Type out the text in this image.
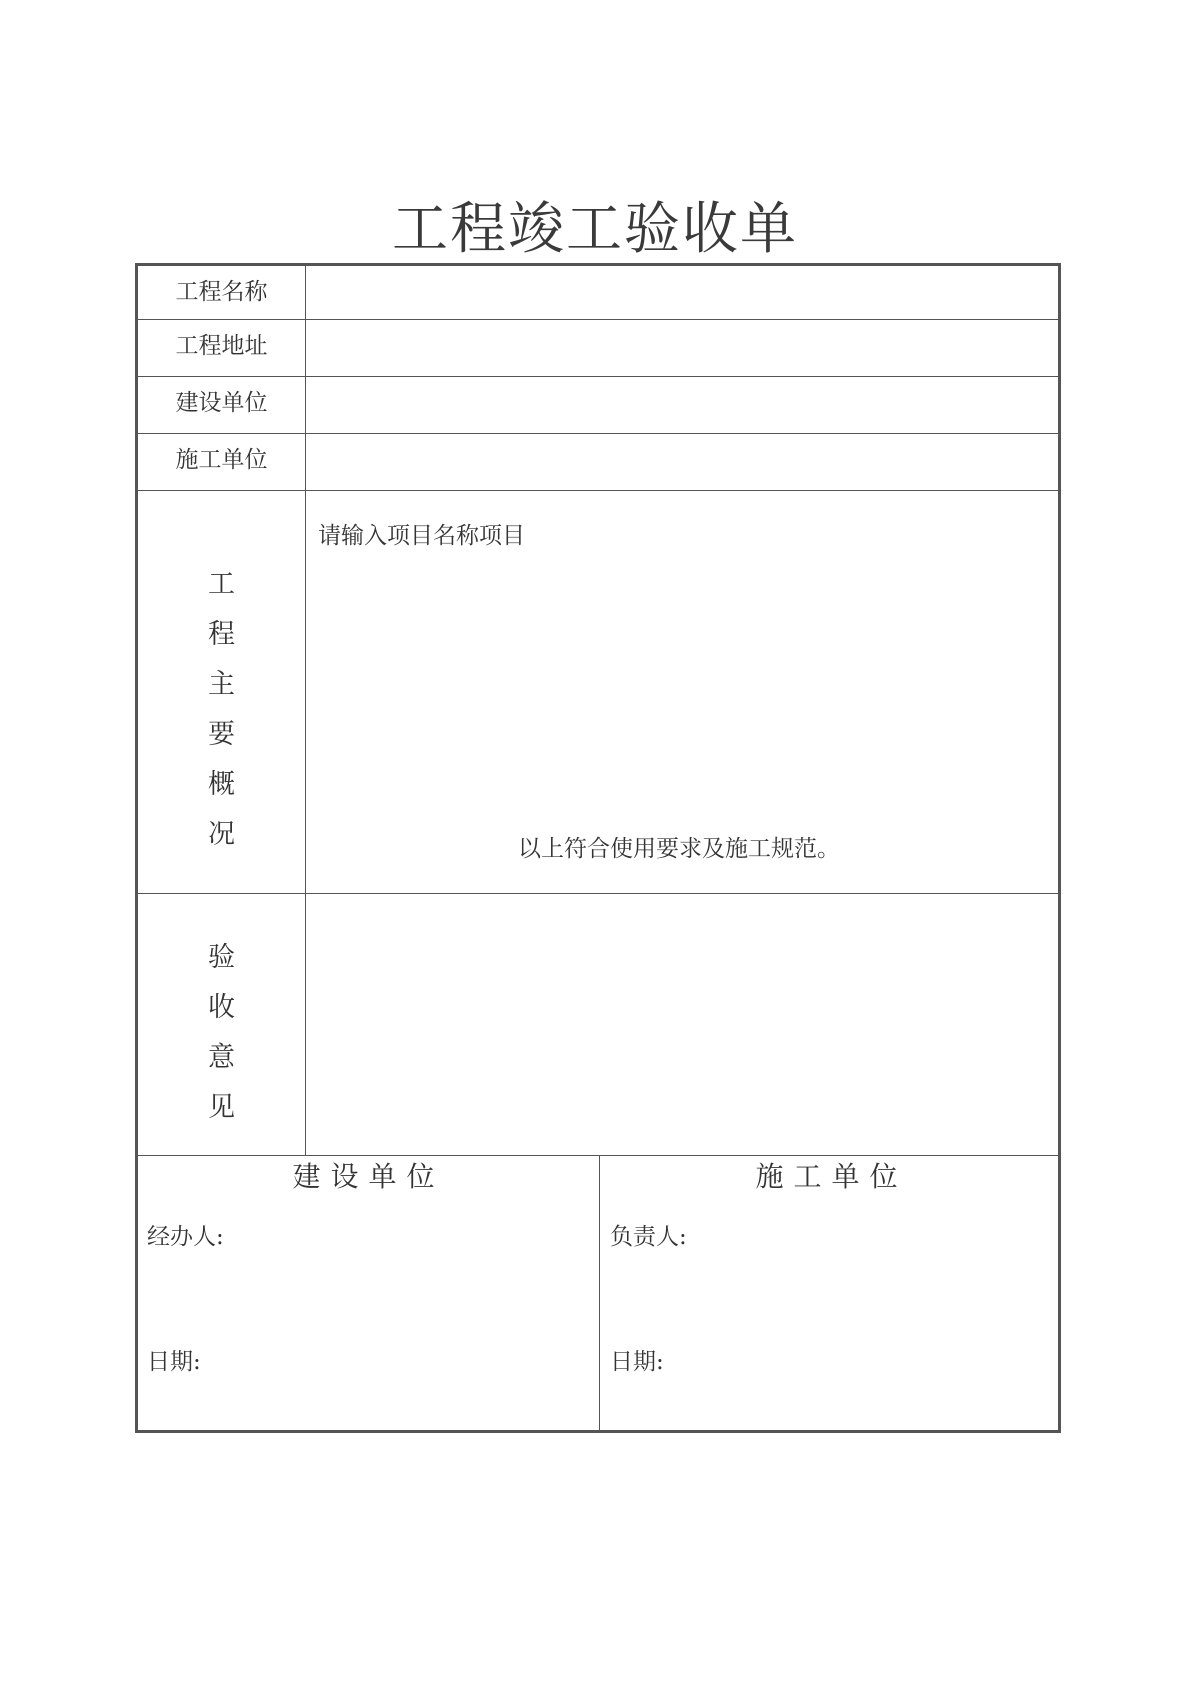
工程竣工验收单
工程名称
工程地址
建设单位
施工单位
工
程
主
要
概
况
请输入项目名称项目
以上符合使用要求及施工规范。
验
收
意
见
建设单位
经办人:
日期:
施工单位
负责人:
日期:
